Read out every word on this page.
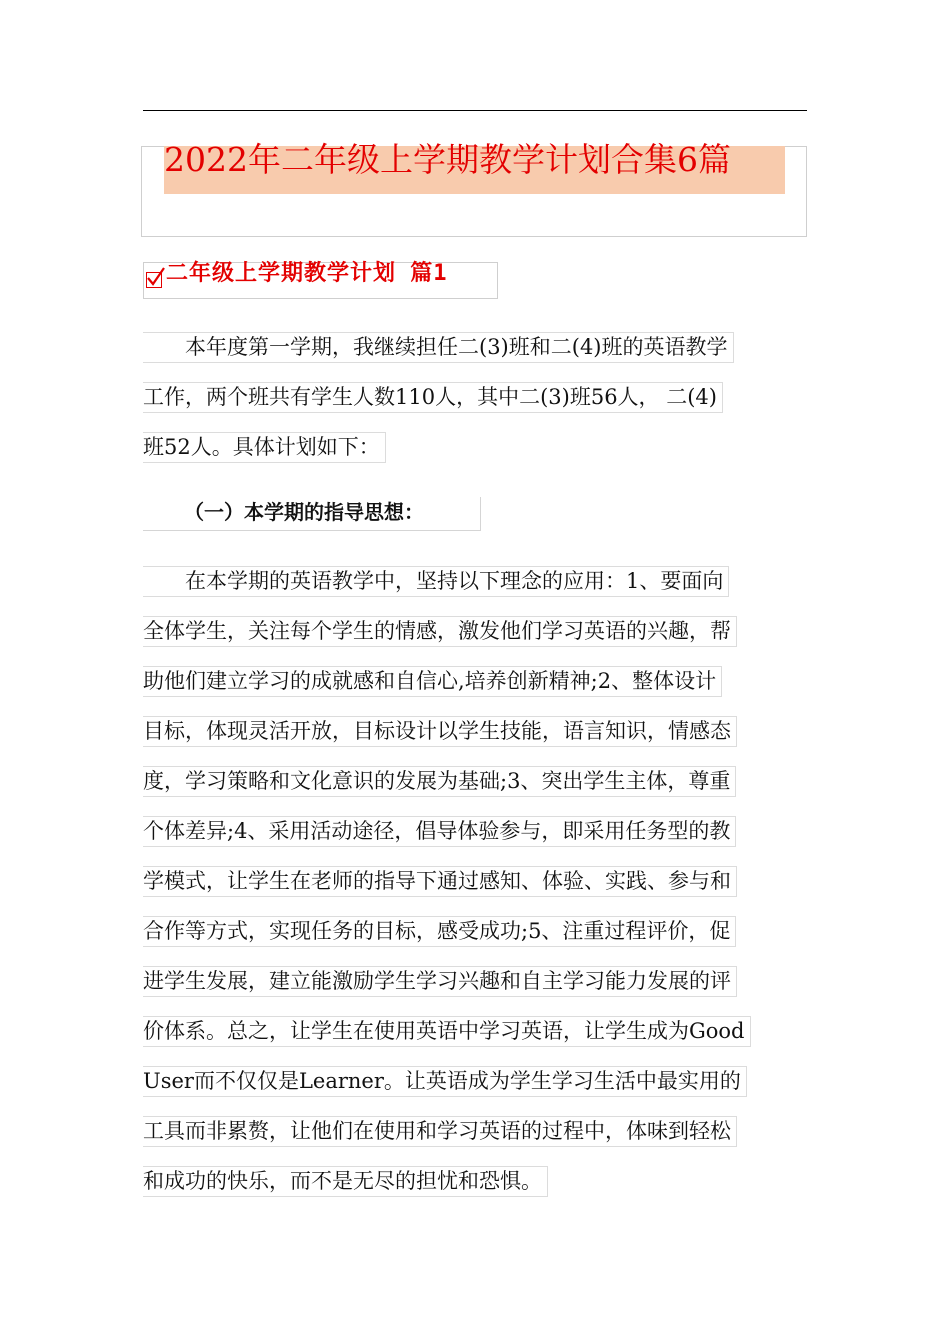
2022年二年级上学期教学计划合集6篇
二年级上学期教学计划 篇1
　　本年度第一学期，我继续担任二(3)班和二(4)班的英语教学
工作，两个班共有学生人数110人，其中二(3)班56人， 二(4)
班52人。具体计划如下：
（一）本学期的指导思想：
　　在本学期的英语教学中，坚持以下理念的应用：1、要面向
全体学生，关注每个学生的情感，激发他们学习英语的兴趣，帮
助他们建立学习的成就感和自信心,培养创新精神;2、整体设计
目标，体现灵活开放，目标设计以学生技能，语言知识，情感态
度，学习策略和文化意识的发展为基础;3、突出学生主体，尊重
个体差异;4、采用活动途径，倡导体验参与，即采用任务型的教
学模式，让学生在老师的指导下通过感知、体验、实践、参与和
合作等方式，实现任务的目标，感受成功;5、注重过程评价，促
进学生发展，建立能激励学生学习兴趣和自主学习能力发展的评
价体系。总之，让学生在使用英语中学习英语，让学生成为Good
User而不仅仅是Learner。让英语成为学生学习生活中最实用的
工具而非累赘，让他们在使用和学习英语的过程中，体味到轻松
和成功的快乐，而不是无尽的担忧和恐惧。
